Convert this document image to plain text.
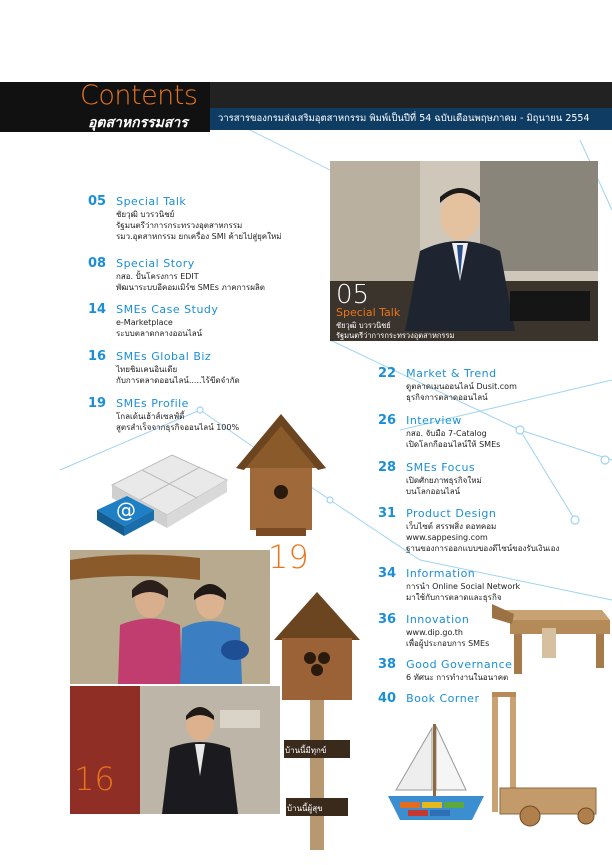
Contents
อุตสาหกรรมสาร	วารสารของกรมส่งเสริมอุตสาหกรรม พิมพ์เป็นปีที่ 54 ฉบับเดือนพฤษภาคม - มิถุนายน 2554
05
Special Talk
ชัยวุฒิ บวรวนิชย์
รัฐมนตรีว่าการกระทรวงอุตสาหกรรม
05 Special Talk
ชัยวุฒิ บวรวนิชย์
รัฐมนตรีว่าการกระทรวงอุตสาหกรรม
รมว.อุตสาหกรรม ยกเครื่อง SMI ค้ายไปสู่ยุคใหม่
08 Special Story
กสอ. ปั้นโครงการ EDIT
พัฒนาระบบอีคอมเมิร์ซ SMEs ภาคการผลิต
14 SMEs Case Study
e-Marketplace
ระบบตลาดกลางออนไลน์
16 SMEs Global Biz
ไทยชิมเคนอินเดีย
กับการตลาดออนไลน์.....ไร้ขีดจำกัด
19 SMEs Profile
โกลเด้นเฮ้าส์เซลฟ์ตี้
สูตรสำเร็จจากธุรกิจออนไลน์ 100%
22 Market & Trend
ดูตลาดเมนออนไลน์ Dusit.com
ธุรกิจการตลาดออนไลน์
26 Interview
กสอ. จับมือ 7-Catalog
เปิดโลกกีออนไลน์ให้ SMEs
28 SMEs Focus
เปิดศักยภาพธุรกิจใหม่
บนโลกออนไลน์
31 Product Design
เว็บไซต์ สรรพสิ่ง ดอทคอม
www.sappesing.com
ฐานของการออกแบบของดีไซน์ของรับเงินเอง
34 Information
การนำ Online Social Network
มาใช้กับการตลาดและธุรกิจ
36 Innovation
www.dip.go.th
เพื่อผู้ประกอบการ SMEs
38 Good Governance
6 ทัศนะ การทำงานในอนาคต
40 Book Corner
@
19
16
บ้านนี้มีทุกข์
บ้านนี้ผู้สุข
